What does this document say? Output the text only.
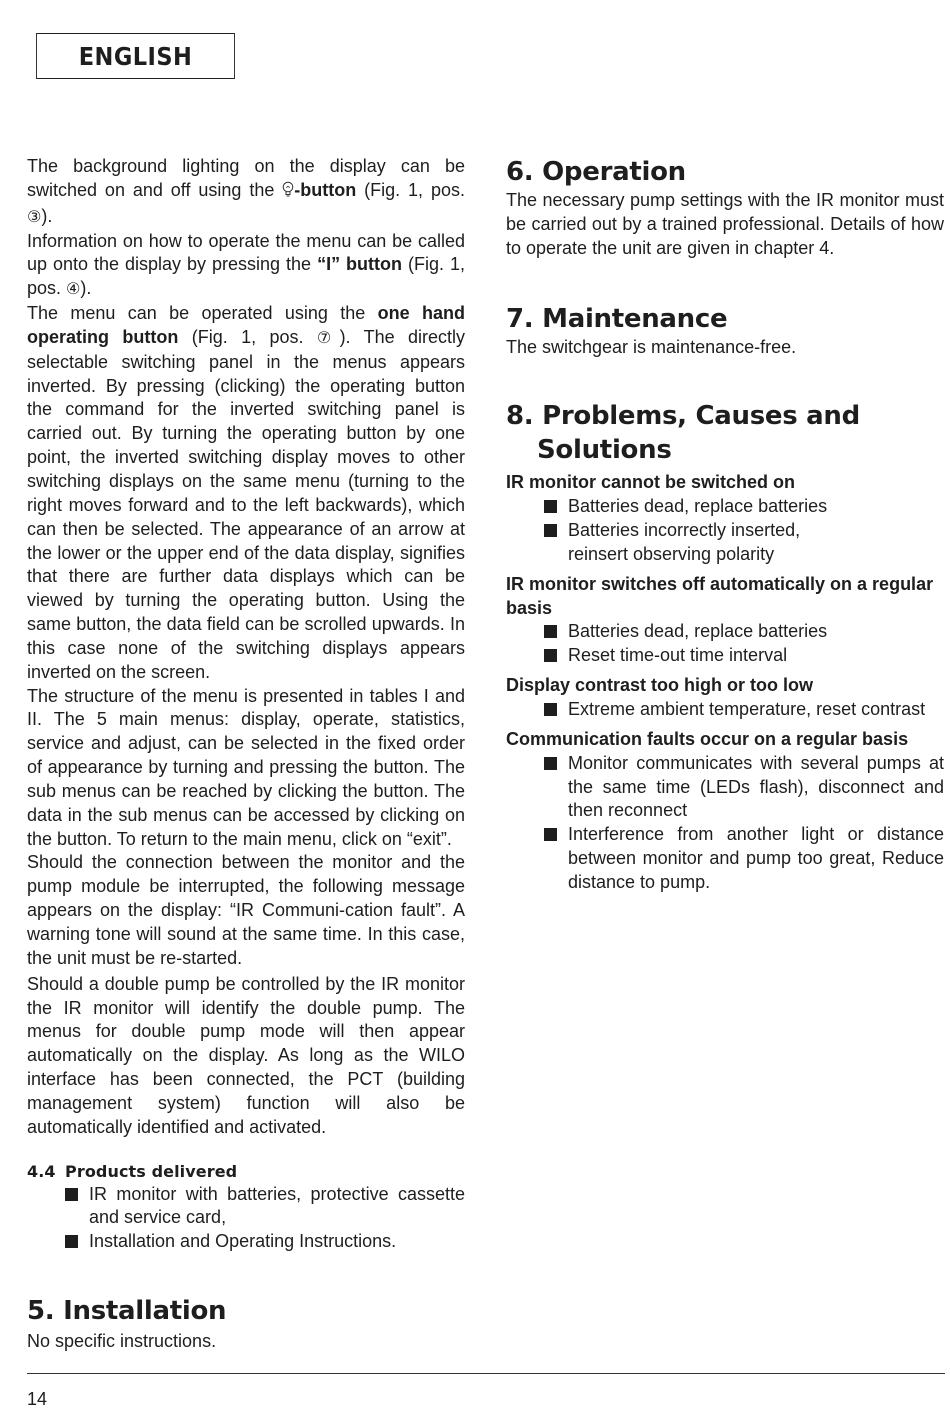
ENGLISH

The background lighting on the display can be switched on and off using the -button (Fig. 1, pos. ③).

Information on how to operate the menu can be called up onto the display by pressing the “I” button (Fig. 1, pos. ④).

The menu can be operated using the one hand operating button (Fig. 1, pos. ⑦). The directly selectable switching panel in the menus appears inverted. By pressing (clicking) the operating button the command for the inverted switching panel is carried out. By turning the operating button by one point, the inverted switching display moves to other switching displays on the same menu (turning to the right moves forward and to the left backwards), which can then be selected. The appearance of an arrow at the lower or the upper end of the data display, signifies that there are further data displays which can be viewed by turning the operating button. Using the same button, the data field can be scrolled upwards. In this case none of the switching displays appears inverted on the screen.

The structure of the menu is presented in tables I and II. The 5 main menus: display, operate, statistics, service and adjust, can be selected in the fixed order of appearance by turning and pressing the button. The sub menus can be reached by clicking the button. The data in the sub menus can be accessed by clicking on the button. To return to the main menu, click on “exit”.

Should the connection between the monitor and the pump module be interrupted, the following message appears on the display: “IR Communi-cation fault”. A warning tone will sound at the same time. In this case, the unit must be re-started.

Should a double pump be controlled by the IR monitor the IR monitor will identify the double pump. The menus for double pump mode will then appear automatically on the display. As long as the WILO interface has been connected, the PCT (building management system) function will also be automatically identified and activated.

4.4 Products delivered
IR monitor with batteries, protective cassette and service card,
Installation and Operating Instructions.
5. Installation

No specific instructions.

6. Operation

The necessary pump settings with the IR monitor must be carried out by a trained professional. Details of how to operate the unit are given in chapter 4.

7. Maintenance

The switchgear is maintenance-free.

8. Problems, Causes and
Solutions

IR monitor cannot be switched on

Batteries dead, replace batteries
Batteries incorrectly inserted,
reinsert observing polarity

IR monitor switches off automatically on a regular basis

Batteries dead, replace batteries
Reset time-out time interval

Display contrast too high or too low

Extreme ambient temperature, reset contrast

Communication faults occur on a regular basis

Monitor communicates with several pumps at the same time (LEDs flash), disconnect and then reconnect
Interference from another light or distance between monitor and pump too great, Reduce distance to pump.
14
